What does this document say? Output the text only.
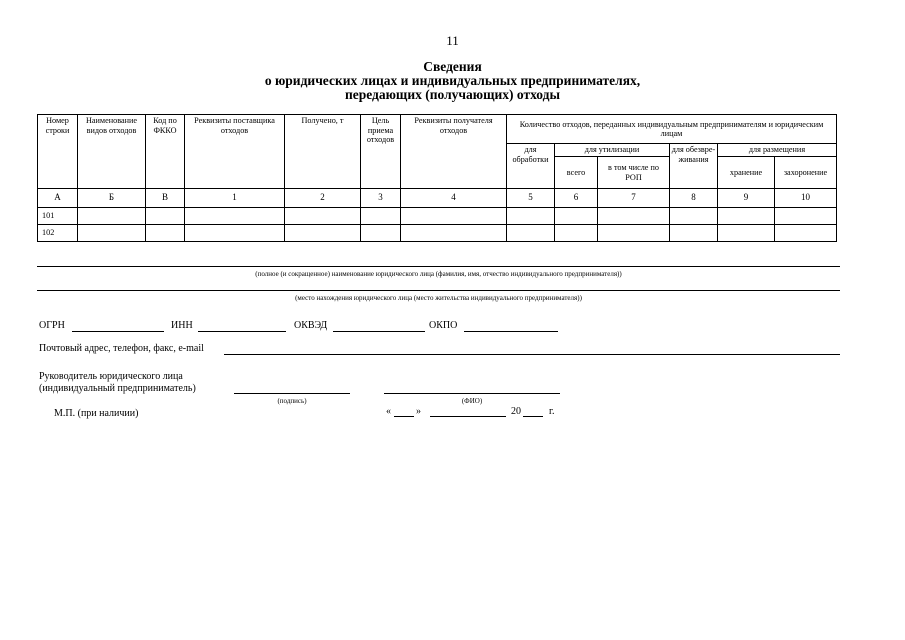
11
Сведения
о юридических лицах и индивидуальных предпринимателях,
передающих (получающих) отходы
Номер строки	Наименование видов отходов	Код по ФККО	Реквизиты поставщика отходов	Получено, т	Цель приема отходов	Реквизиты получателя отходов	Количество отходов, переданных индивидуальным предпринимателям и юридическим лицам					
							для обработки	для утилизации		для обезвре-живания	для размещения	
								всего	в том числе по РОП		хранение	захоронение
А	Б	В	1	2	3	4	5	6	7	8	9	10
101												
102												
(полное (и сокращенное) наименование юридического лица (фамилия, имя, отчество индивидуального предпринимателя))
(место нахождения юридического лица (место жительства индивидуального предпринимателя))
ОГРН	ИНН	ОКВЭД	ОКПО
Почтовый адрес, телефон, факс, e-mail
Руководитель юридического лица
(индивидуальный предприниматель)
(подпись)	(ФИО)
М.П. (при наличии)	«	»	20	г.
